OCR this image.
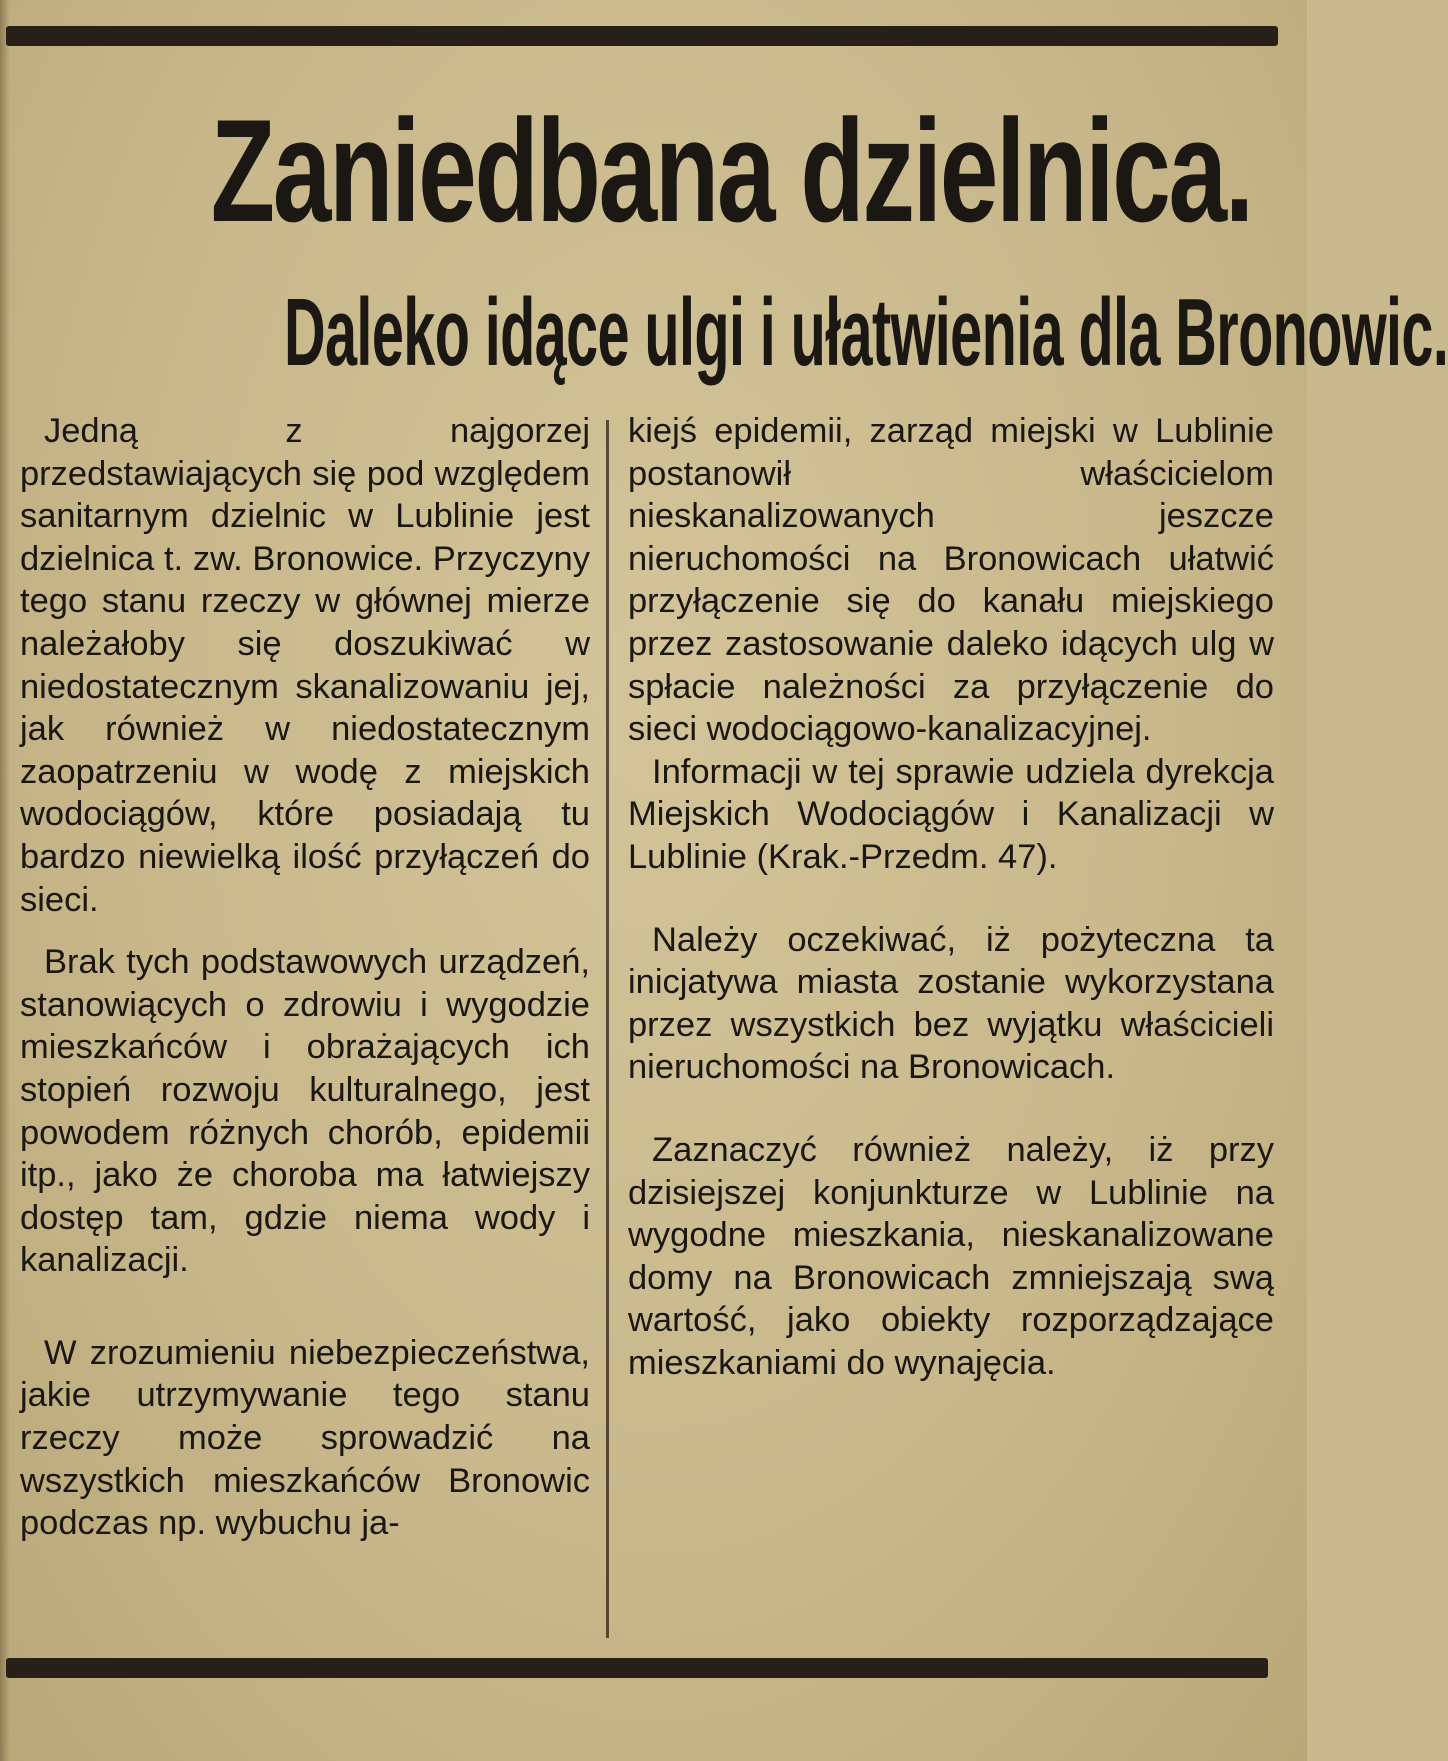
Zaniedbana dzielnica.
Daleko idące ulgi i ułatwienia dla Bronowic.

Jedną z najgorzej przedstawiających się pod względem sanitarnym dzielnic w Lublinie jest dzielnica t. zw. Bronowice. Przyczyny tego stanu rzeczy w głównej mierze należałoby się doszukiwać w niedostatecznym skanalizowaniu jej, jak również w niedostatecznym zaopatrzeniu w wodę z miejskich wodociągów, które posiadają tu bardzo niewielką ilość przyłączeń do sieci.

Brak tych podstawowych urządzeń, stanowiących o zdrowiu i wygodzie mieszkańców i obrażających ich stopień rozwoju kulturalnego, jest powodem różnych chorób, epidemii itp., jako że choroba ma łatwiejszy dostęp tam, gdzie niema wody i kanalizacji.

W zrozumieniu niebezpieczeństwa, jakie utrzymywanie tego stanu rzeczy może sprowadzić na wszystkich mieszkańców Bronowic podczas np. wybuchu ja-

kiejś epidemii, zarząd miejski w Lublinie postanowił właścicielom nieskanalizowanych jeszcze nieruchomości na Bronowicach ułatwić przyłączenie się do kanału miejskiego przez zastosowanie daleko idących ulg w spłacie należności za przyłączenie do sieci wodociągowo-kanalizacyjnej.

Informacji w tej sprawie udziela dyrekcja Miejskich Wodociągów i Kanalizacji w Lublinie (Krak.-Przedm. 47).

Należy oczekiwać, iż pożyteczna ta inicjatywa miasta zostanie wykorzystana przez wszystkich bez wyjątku właścicieli nieruchomości na Bronowicach.

Zaznaczyć również należy, iż przy dzisiejszej konjunkturze w Lublinie na wygodne mieszkania, nieskanalizowane domy na Bronowicach zmniejszają swą wartość, jako obiekty rozporządzające mieszkaniami do wynajęcia.
